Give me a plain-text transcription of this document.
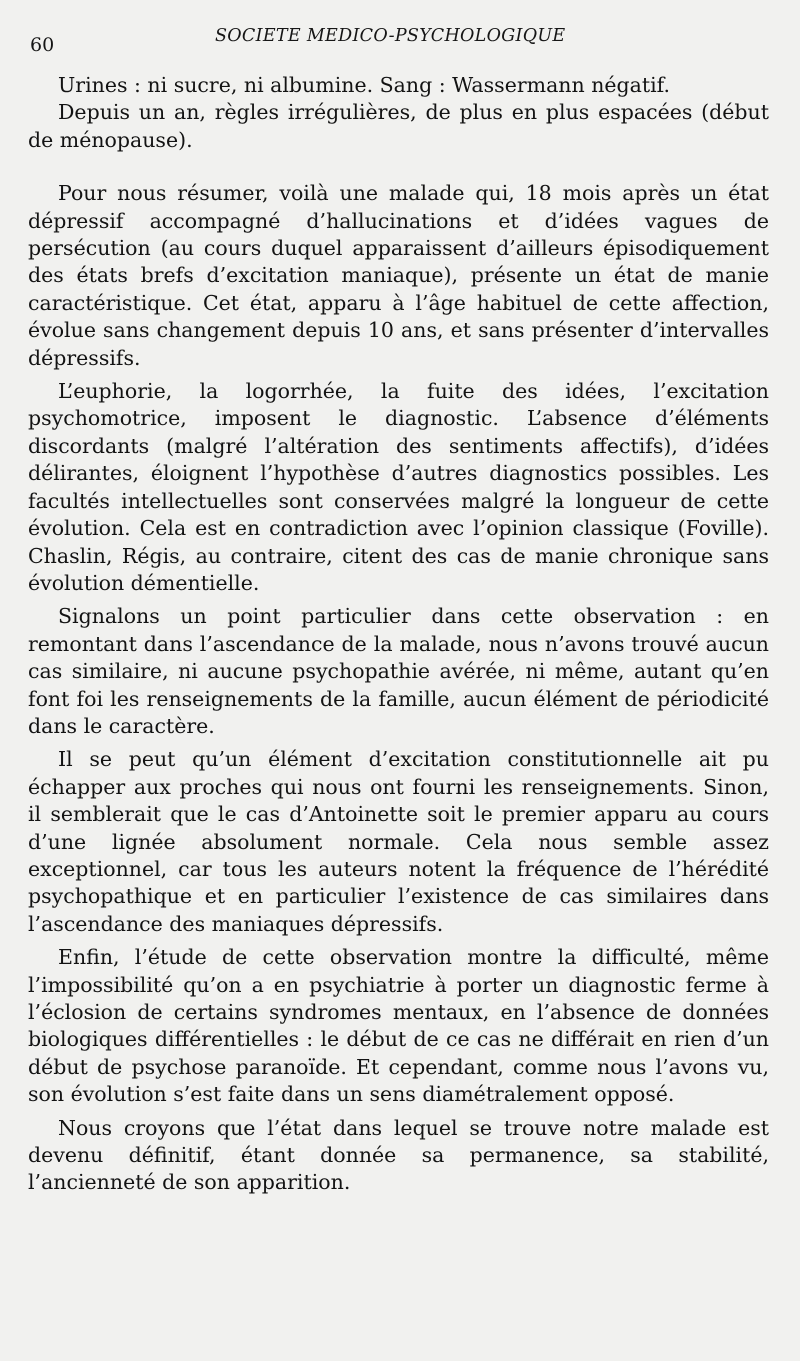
60	SOCIETE MEDICO-PSYCHOLOGIQUE

Urines : ni sucre, ni albumine. Sang : Wassermann négatif.

Depuis un an, règles irrégulières, de plus en plus espacées (début de ménopause).

Pour nous résumer, voilà une malade qui, 18 mois après un état dépressif accompagné d’hallucinations et d’idées vagues de persécution (au cours duquel apparaissent d’ailleurs épisodiquement des états brefs d’excitation maniaque), présente un état de manie caractéristique. Cet état, apparu à l’âge habituel de cette affection, évolue sans changement depuis 10 ans, et sans présenter d’intervalles dépressifs.

L’euphorie, la logorrhée, la fuite des idées, l’excitation psychomotrice, imposent le diagnostic. L’absence d’éléments discordants (malgré l’altération des sentiments affectifs), d’idées délirantes, éloignent l’hypothèse d’autres diagnostics possibles. Les facultés intellectuelles sont conservées malgré la longueur de cette évolution. Cela est en contradiction avec l’opinion classique (Foville). Chaslin, Régis, au contraire, citent des cas de manie chronique sans évolution démentielle.

Signalons un point particulier dans cette observation : en remontant dans l’ascendance de la malade, nous n’avons trouvé aucun cas similaire, ni aucune psychopathie avérée, ni même, autant qu’en font foi les renseignements de la famille, aucun élément de périodicité dans le caractère.

Il se peut qu’un élément d’excitation constitutionnelle ait pu échapper aux proches qui nous ont fourni les renseignements. Sinon, il semblerait que le cas d’Antoinette soit le premier apparu au cours d’une lignée absolument normale. Cela nous semble assez exceptionnel, car tous les auteurs notent la fréquence de l’hérédité psychopathique et en particulier l’existence de cas similaires dans l’ascendance des maniaques dépressifs.

Enfin, l’étude de cette observation montre la difficulté, même l’impossibilité qu’on a en psychiatrie à porter un diagnostic ferme à l’éclosion de certains syndromes mentaux, en l’absence de données biologiques différentielles : le début de ce cas ne différait en rien d’un début de psychose paranoïde. Et cependant, comme nous l’avons vu, son évolution s’est faite dans un sens diamétralement opposé.

Nous croyons que l’état dans lequel se trouve notre malade est devenu définitif, étant donnée sa permanence, sa stabilité, l’ancienneté de son apparition.
